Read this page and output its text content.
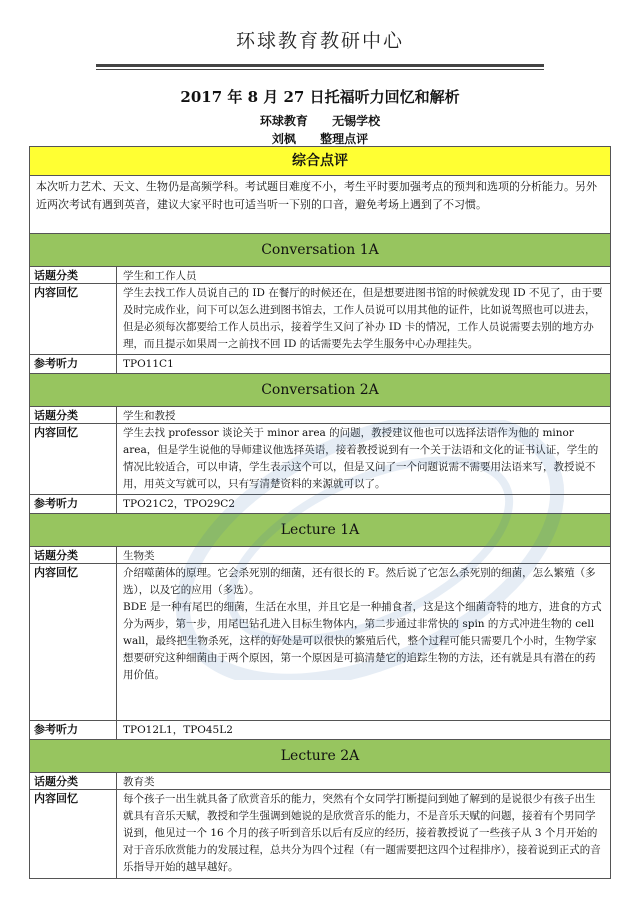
环球教育教研中心
2017 年 8 月 27 日托福听力回忆和解析
环球教育 无锡学校
刘枫 整理点评
综合点评
本次听力艺术、天文、生物仍是高频学科。考试题目难度不小，考生平时要加强考点的预判和选项的分析能力。另外近两次考试有遇到英音，建议大家平时也可适当听一下别的口音，避免考场上遇到了不习惯。
Conversation 1A
话题分类	学生和工作人员
内容回忆	学生去找工作人员说自己的 ID 在餐厅的时候还在，但是想要进图书馆的时候就发现 ID 不见了，由于要及时完成作业，问下可以怎么进到图书馆去，工作人员说可以用其他的证件，比如说驾照也可以进去，但是必须每次都要给工作人员出示，接着学生又问了补办 ID 卡的情况，工作人员说需要去别的地方办理，而且提示如果周一之前找不回 ID 的话需要先去学生服务中心办理挂失。
参考听力	TPO11C1
Conversation 2A
话题分类	学生和教授
内容回忆	学生去找 professor 谈论关于 minor area 的问题，教授建议他也可以选择法语作为他的 minor area，但是学生说他的导师建议他选择英语，接着教授说到有一个关于法语和文化的证书认证，学生的情况比较适合，可以申请，学生表示这个可以，但是又问了一个问题说需不需要用法语来写，教授说不用，用英文写就可以，只有写清楚资料的来源就可以了。
参考听力	TPO21C2，TPO29C2
Lecture 1A
话题分类	生物类
内容回忆	介绍噬菌体的原理。它会杀死别的细菌，还有很长的 F。然后说了它怎么杀死别的细菌，怎么繁殖（多选），以及它的应用（多选）。
BDE 是一种有尾巴的细菌，生活在水里，并且它是一种捕食者，这是这个细菌奇特的地方，进食的方式分为两步，第一步，用尾巴钻孔进入目标生物体内，第二步通过非常快的 spin 的方式冲进生物的 cell wall，最终把生物杀死，这样的好处是可以很快的繁殖后代，整个过程可能只需要几个小时，生物学家想要研究这种细菌由于两个原因，第一个原因是可搞清楚它的追踪生物的方法，还有就是具有潜在的药用价值。
参考听力	TPO12L1，TPO45L2
Lecture 2A
话题分类	教育类
内容回忆	每个孩子一出生就具备了欣赏音乐的能力，突然有个女同学打断提问到她了解到的是说很少有孩子出生就具有音乐天赋，教授和学生强调到她说的是欣赏音乐的能力，不是音乐天赋的问题，接着有个男同学说到，他见过一个 16 个月的孩子听到音乐以后有反应的经历，接着教授说了一些孩子从 3 个月开始的对于音乐欣赏能力的发展过程，总共分为四个过程（有一题需要把这四个过程排序），接着说到正式的音乐指导开始的越早越好。
